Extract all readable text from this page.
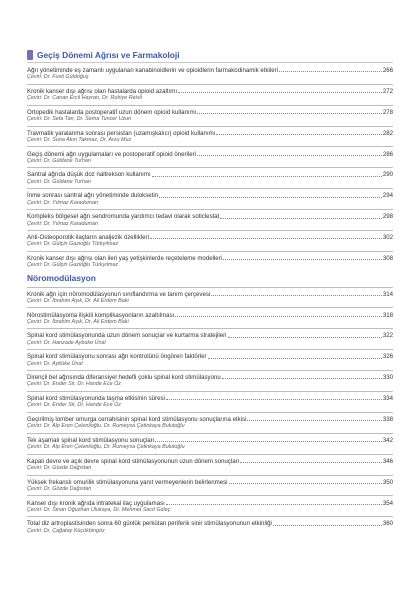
Geçiş Dönemi Ağrısı ve Farmakoloji
Ağrı yönetiminde eş zamanlı uygulanan kanabinoidlerin ve opioidlerin farmakodinamik etkileri	266
Çeviri: Dr. Fusti Güldoğuş
Kronik kanser dışı ağrısı olan hastalarda opioid azaltımı	272
Çeviri: Dr. Canan Ercil Hayran, Dr. Ruhiye Reisli
Ortopedik hastalarda postoperatif uzun dönem opioid kullanımı	278
Çeviri: Dr. Sefa Tan, Dr. Sema Tuncer Uzun
Travmatik yaralanma sonrası persistan (uzamışkalıcı) opioid kullanımı	282
Çeviri: Dr. Suna Akın Takmaz, Dr. Arzu Muz
Geçiş dönemi ağrı uygulamaları ve postoperatif opioid önerileri	286
Çeviri: Dr. Güldane Turhan
Santral ağrıda düşük doz naltrekson kullanımı	290
Çeviri: Dr. Güldane Turhan
İnme sonrası santral ağrı yönetiminde duloksetin	294
Çeviri: Dr. Yılmaz Karaduman
Kompleks bölgesel ağrı sendromunda yardımcı tedavi olarak soticlestat	298
Çeviri: Dr. Yılmaz Karaduman
Anti-Osteoporotik ilaçların analjezik özellikleri	302
Çeviri: Dr. Gülçin Gazioğlu Türkyılmaz
Kronik kanser dışı ağrısı olan ileri yaş yetişkinlerde reçeteleme modelleri	308
Çeviri: Dr. Gülçin Gazioğlu Türkyılmaz
Nöromodülasyon
Kronik ağrı için nöromodülasyonun sınıflandırma ve tanım çerçevesi	314
Çeviri: Dr. İbrahim Aşık, Dr. Ali Erdem Baki
Nörostimülasyonla ilişkili komplikasyonların azaltılması	318
Çeviri: Dr. İbrahim Aşık, Dr. Ali Erdem Baki
Spinal kord stimülasyonunda uzun dönem sonuçlar ve kurtarma stratejileri	322
Çeviri: Dr. Hanzade Aybüke Ünal
Spinal kord stimülasyonu sonrası ağrı kontrolünü öngören faktörler	326
Çeviri: Dr. Aybüke Ünal
Dirençli bel ağrısında diferansiyel hedefli çoklu spinal kord stimülasyonu	330
Çeviri: Dr. Ender Sir, Dr. Hande Ece Öz
Spinal kord stimülasyonunda taşma etkisinin süresi	334
Çeviri: Dr. Ender Sir, Dr. Hande Ece Öz
Geçirilmiş lomber omurga cerrahisinin spinal kord stimülasyonu sonuçlarına etkisi	338
Çeviri: Dr. Alp Eren Çelenlioğlu, Dr. Rumeysa Çetinkaya Bulutoğlu
Tek aşamalı spinal kord stimülasyonu sonuçları	342
Çeviri: Dr. Alp Eren Çelenlioğlu, Dr. Rumeysa Çetinkaya Bulutoğlu
Kapalı devre ve açık devre spinal kord stimülasyonunun uzun dönem sonuçları	346
Çeviri: Dr. Gözde Dağıstan
Yüksek frekanslı omurilik stimülasyonuna yanıt vermeyenlerin belirlenmesi	350
Çeviri: Dr. Gözde Dağıstan
Kanser dışı kronik ağrıda intratekal ilaç uygulaması	354
Çeviri: Dr. Sinan Oğuzhan Ulukaya, Dr. Mehmet Sacit Güleç
Total diz artroplastisinden sonra 60 günlük perkütan periferik sinir stimülasyonunun etkinliği	360
Çeviri: Dr. Çağatay Küçükbingöz
